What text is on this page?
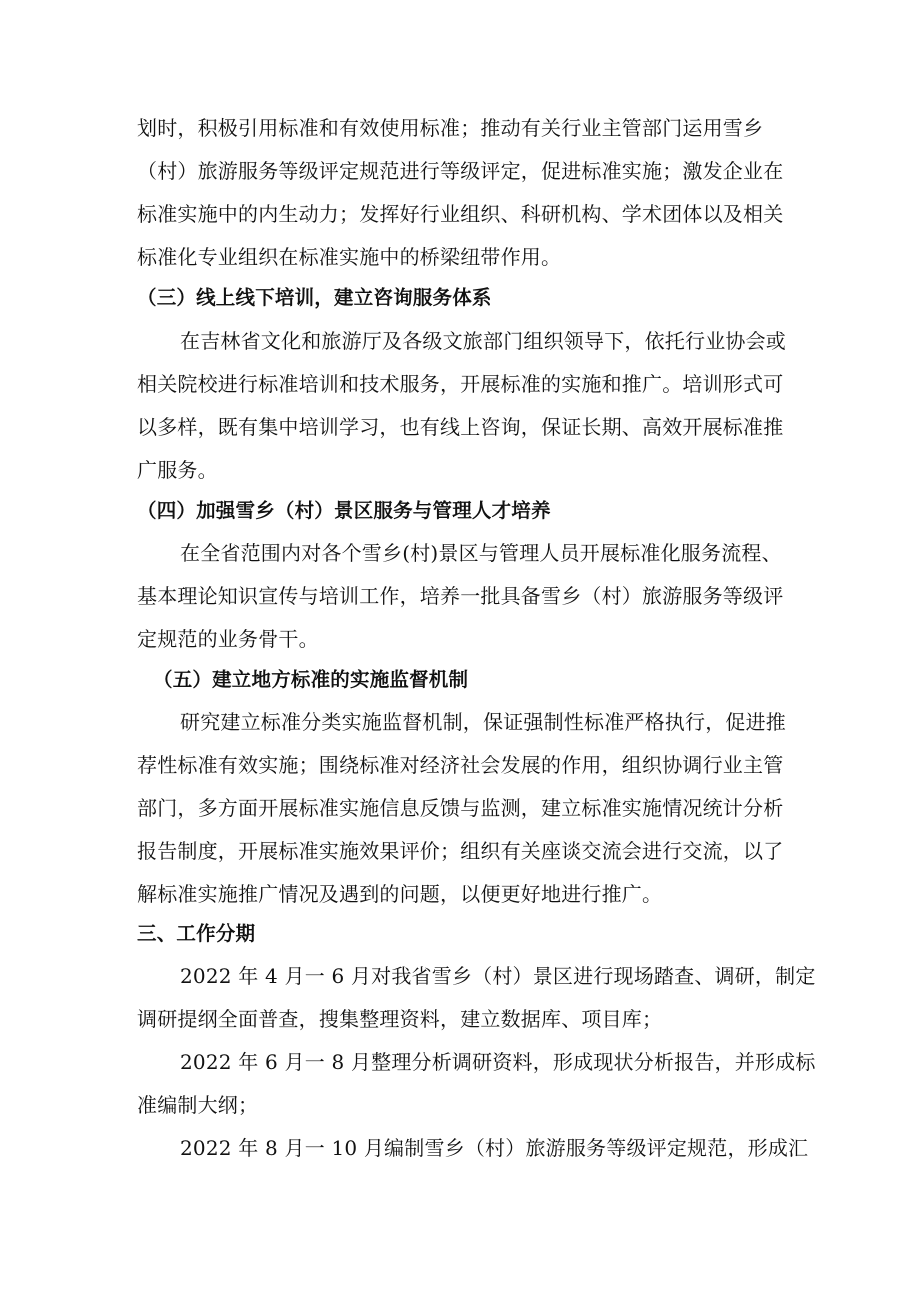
划时，积极引用标准和有效使用标准；推动有关行业主管部门运用雪乡
（村）旅游服务等级评定规范进行等级评定，促进标准实施；激发企业在
标准实施中的内生动力；发挥好行业组织、科研机构、学术团体以及相关
标准化专业组织在标准实施中的桥梁纽带作用。
（三）线上线下培训，建立咨询服务体系
在吉林省文化和旅游厅及各级文旅部门组织领导下，依托行业协会或
相关院校进行标准培训和技术服务，开展标准的实施和推广。培训形式可
以多样，既有集中培训学习，也有线上咨询，保证长期、高效开展标准推
广服务。
（四）加强雪乡（村）景区服务与管理人才培养
在全省范围内对各个雪乡(村)景区与管理人员开展标准化服务流程、
基本理论知识宣传与培训工作，培养一批具备雪乡（村）旅游服务等级评
定规范的业务骨干。
（五）建立地方标准的实施监督机制
研究建立标准分类实施监督机制，保证强制性标准严格执行，促进推
荐性标准有效实施；围绕标准对经济社会发展的作用，组织协调行业主管
部门，多方面开展标准实施信息反馈与监测，建立标准实施情况统计分析
报告制度，开展标准实施效果评价；组织有关座谈交流会进行交流，以了
解标准实施推广情况及遇到的问题，以便更好地进行推广。
三、工作分期
2022 年 4 月一 6 月对我省雪乡（村）景区进行现场踏查、调研，制定
调研提纲全面普查，搜集整理资料，建立数据库、项目库；
2022 年 6 月一 8 月整理分析调研资料，形成现状分析报告，并形成标
准编制大纲；
2022 年 8 月一 10 月编制雪乡（村）旅游服务等级评定规范，形成汇
